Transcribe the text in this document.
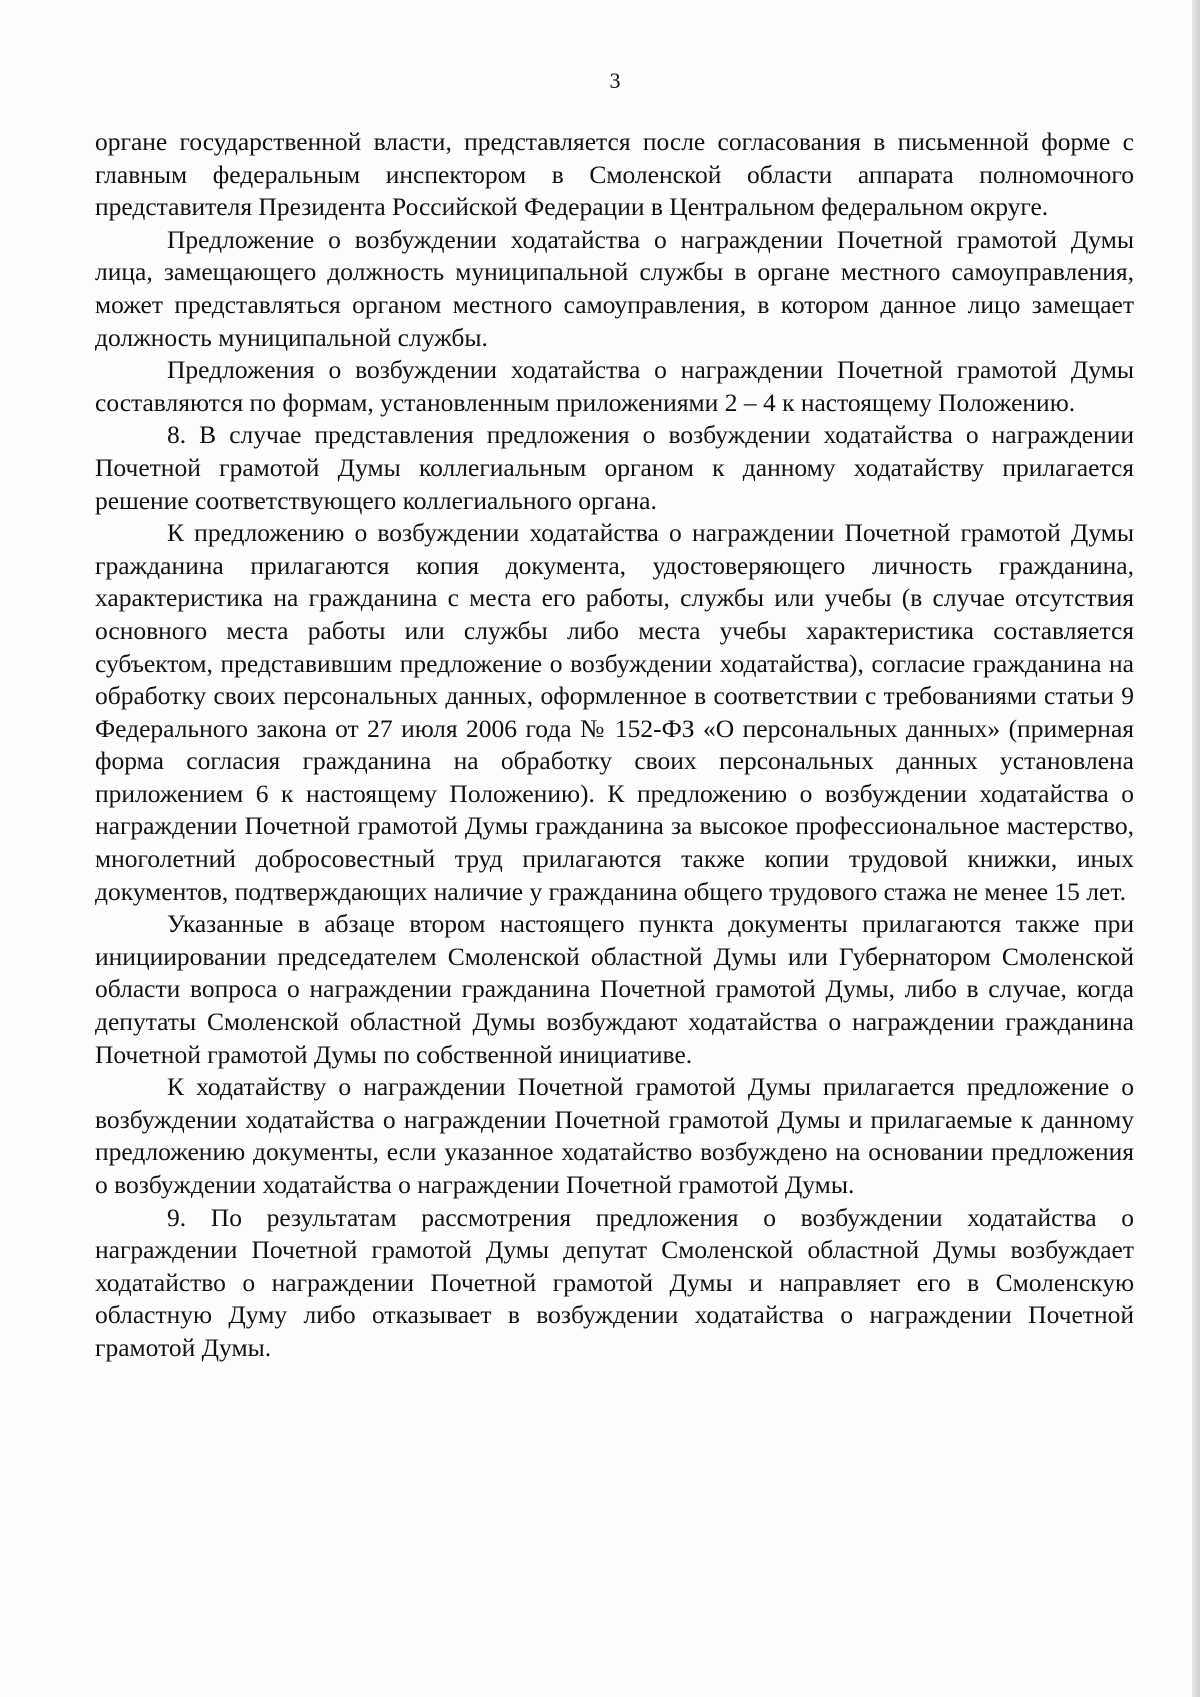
3

органе государственной власти, представляется после согласования в письменной форме с главным федеральным инспектором в Смоленской области аппарата полномочного представителя Президента Российской Федерации в Центральном федеральном округе.

Предложение о возбуждении ходатайства о награждении Почетной грамотой Думы лица, замещающего должность муниципальной службы в органе местного самоуправления, может представляться органом местного самоуправления, в котором данное лицо замещает должность муниципальной службы.

Предложения о возбуждении ходатайства о награждении Почетной грамотой Думы составляются по формам, установленным приложениями 2 – 4 к настоящему Положению.

8. В случае представления предложения о возбуждении ходатайства о награждении Почетной грамотой Думы коллегиальным органом к данному ходатайству прилагается решение соответствующего коллегиального органа.

К предложению о возбуждении ходатайства о награждении Почетной грамотой Думы гражданина прилагаются копия документа, удостоверяющего личность гражданина, характеристика на гражданина с места его работы, службы или учебы (в случае отсутствия основного места работы или службы либо места учебы характеристика составляется субъектом, представившим предложение о возбуждении ходатайства), согласие гражданина на обработку своих персональных данных, оформленное в соответствии с требованиями статьи 9 Федерального закона от 27 июля 2006 года № 152-ФЗ «О персональных данных» (примерная форма согласия гражданина на обработку своих персональных данных установлена приложением 6 к настоящему Положению). К предложению о возбуждении ходатайства о награждении Почетной грамотой Думы гражданина за высокое профессиональное мастерство, многолетний добросовестный труд прилагаются также копии трудовой книжки, иных документов, подтверждающих наличие у гражданина общего трудового стажа не менее 15 лет.

Указанные в абзаце втором настоящего пункта документы прилагаются также при инициировании председателем Смоленской областной Думы или Губернатором Смоленской области вопроса о награждении гражданина Почетной грамотой Думы, либо в случае, когда депутаты Смоленской областной Думы возбуждают ходатайства о награждении гражданина Почетной грамотой Думы по собственной инициативе.

К ходатайству о награждении Почетной грамотой Думы прилагается предложение о возбуждении ходатайства о награждении Почетной грамотой Думы и прилагаемые к данному предложению документы, если указанное ходатайство возбуждено на основании предложения о возбуждении ходатайства о награждении Почетной грамотой Думы.

9. По результатам рассмотрения предложения о возбуждении ходатайства о награждении Почетной грамотой Думы депутат Смоленской областной Думы возбуждает ходатайство о награждении Почетной грамотой Думы и направляет его в Смоленскую областную Думу либо отказывает в возбуждении ходатайства о награждении Почетной грамотой Думы.
